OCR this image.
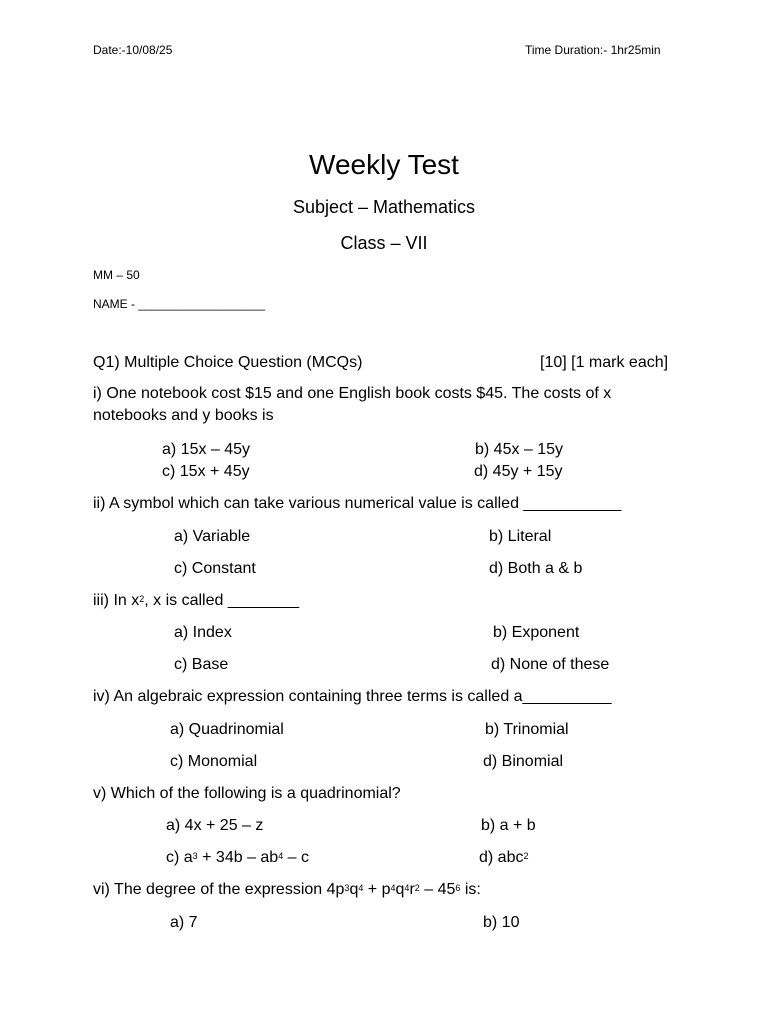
Date:-10/08/25	Time Duration:- 1hr25min
Weekly Test
Subject – Mathematics
Class – VII
MM – 50
NAME - ___________________
Q1) Multiple Choice Question (MCQs)	[10] [1 mark each]
i) One notebook cost $15 and one English book costs $45. The costs of x notebooks and y books is
a) 15x – 45y	b) 45x – 15y
c) 15x + 45y	d) 45y + 15y
ii) A symbol which can take various numerical value is called ___________
a) Variable	b) Literal
c) Constant	d) Both a & b
iii) In $x^2$, x is called ________
a) Index	b) Exponent
c) Base	d) None of these
iv) An algebraic expression containing three terms is called a__________
a) Quadrinomial	b) Trinomial
c) Monomial	d) Binomial
v) Which of the following is a quadrinomial?
a) 4x + 25 – z	b) a + b
c) $a^3 + 34b - ab^4 - c$	d) abc$^2$
vi) The degree of the expression $4p^3q^4 + p^4q^4r^2 - 45^6$ is:
a) 7	b) 10
